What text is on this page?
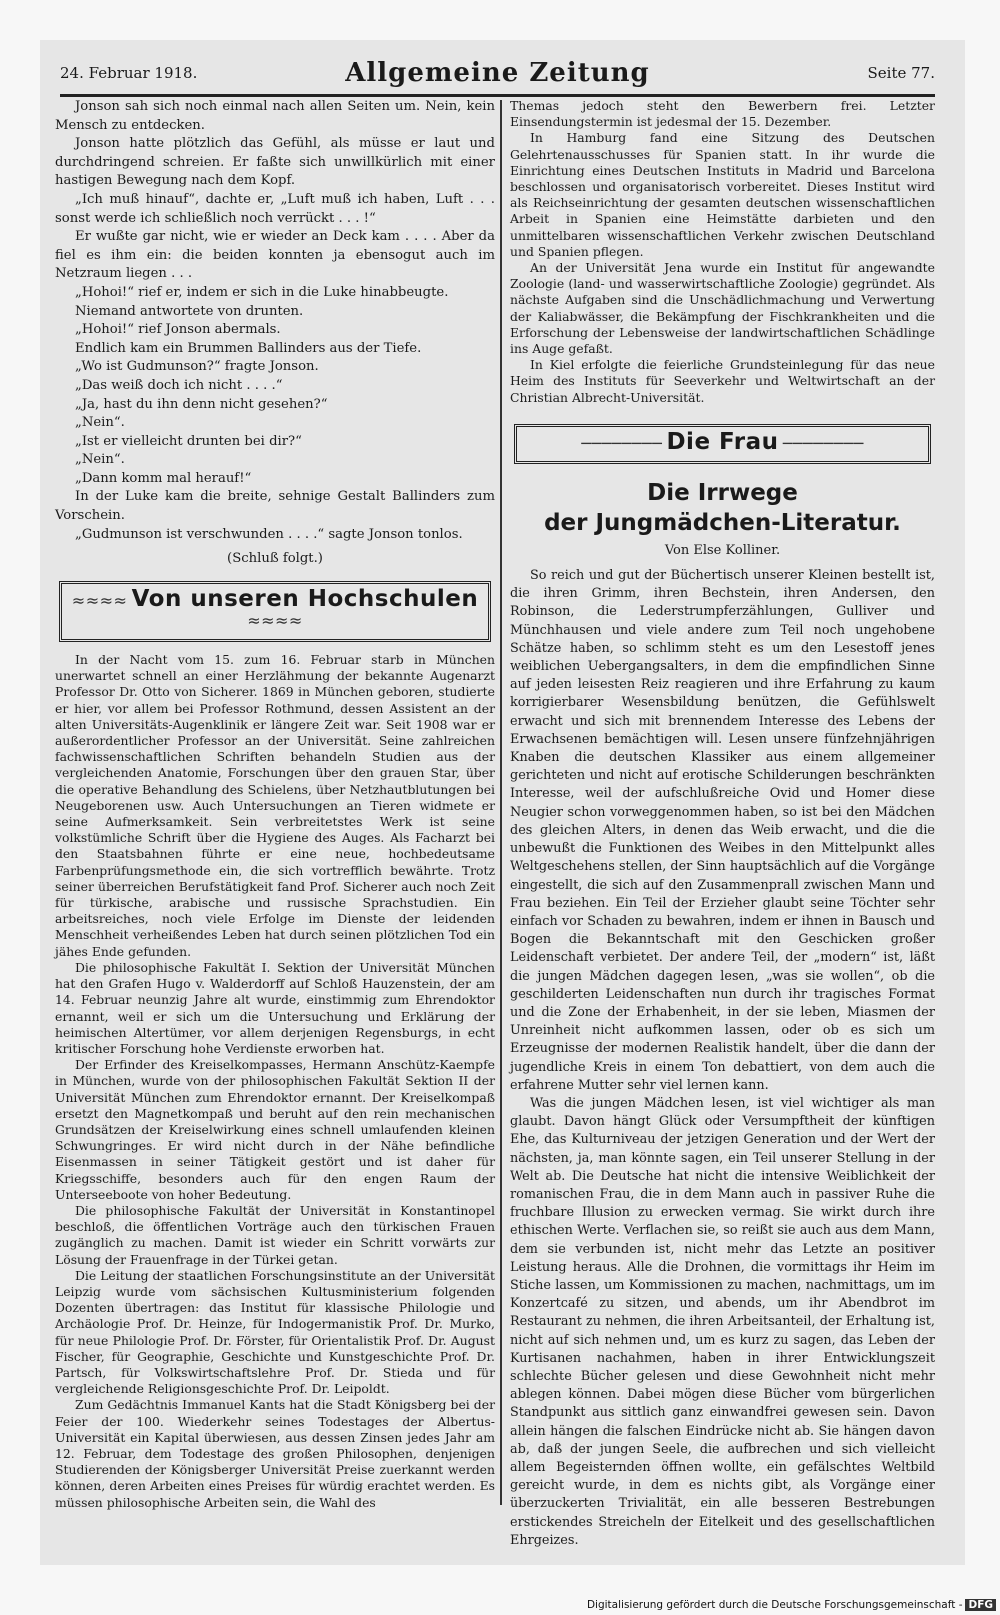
24. Februar 1918.	Allgemeine Zeitung	Seite 77.

Jonson sah sich noch einmal nach allen Seiten um. Nein, kein Mensch zu entdecken.

Jonson hatte plötzlich das Gefühl, als müsse er laut und durchdringend schreien. Er faßte sich unwillkürlich mit einer hastigen Bewegung nach dem Kopf.

„Ich muß hinauf“, dachte er, „Luft muß ich haben, Luft . . . sonst werde ich schließlich noch verrückt . . . !“

Er wußte gar nicht, wie er wieder an Deck kam . . . . Aber da fiel es ihm ein: die beiden konnten ja ebensogut auch im Netzraum liegen . . .

„Hohoi!“ rief er, indem er sich in die Luke hinabbeugte.

Niemand antwortete von drunten.

„Hohoi!“ rief Jonson abermals.

Endlich kam ein Brummen Ballinders aus der Tiefe.

„Wo ist Gudmunson?“ fragte Jonson.

„Das weiß doch ich nicht . . . .“

„Ja, hast du ihn denn nicht gesehen?“

„Nein“.

„Ist er vielleicht drunten bei dir?“

„Nein“.

„Dann komm mal herauf!“

In der Luke kam die breite, sehnige Gestalt Ballinders zum Vorschein.

„Gudmunson ist verschwunden . . . .“ sagte Jonson tonlos.

(Schluß folgt.)

≈≈≈≈ Von unseren Hochschulen ≈≈≈≈

In der Nacht vom 15. zum 16. Februar starb in München unerwartet schnell an einer Herzlähmung der bekannte Augenarzt Professor Dr. Otto von Sicherer. 1869 in München geboren, studierte er hier, vor allem bei Professor Rothmund, dessen Assistent an der alten Universitäts-Augenklinik er längere Zeit war. Seit 1908 war er außerordentlicher Professor an der Universität. Seine zahlreichen fachwissenschaftlichen Schriften behandeln Studien aus der vergleichenden Anatomie, Forschungen über den grauen Star, über die operative Behandlung des Schielens, über Netzhautblutungen bei Neugeborenen usw. Auch Untersuchungen an Tieren widmete er seine Aufmerksamkeit. Sein verbreitetstes Werk ist seine volkstümliche Schrift über die Hygiene des Auges. Als Facharzt bei den Staatsbahnen führte er eine neue, hochbedeutsame Farbenprüfungsmethode ein, die sich vortrefflich bewährte. Trotz seiner überreichen Berufstätigkeit fand Prof. Sicherer auch noch Zeit für türkische, arabische und russische Sprachstudien. Ein arbeitsreiches, noch viele Erfolge im Dienste der leidenden Menschheit verheißendes Leben hat durch seinen plötzlichen Tod ein jähes Ende gefunden.

Die philosophische Fakultät I. Sektion der Universität München hat den Grafen Hugo v. Walderdorff auf Schloß Hauzenstein, der am 14. Februar neunzig Jahre alt wurde, einstimmig zum Ehrendoktor ernannt, weil er sich um die Untersuchung und Erklärung der heimischen Altertümer, vor allem derjenigen Regensburgs, in echt kritischer Forschung hohe Verdienste erworben hat.

Der Erfinder des Kreiselkompasses, Hermann Anschütz-Kaempfe in München, wurde von der philosophischen Fakultät Sektion II der Universität München zum Ehrendoktor ernannt. Der Kreiselkompaß ersetzt den Magnetkompaß und beruht auf den rein mechanischen Grundsätzen der Kreiselwirkung eines schnell umlaufenden kleinen Schwungringes. Er wird nicht durch in der Nähe befindliche Eisenmassen in seiner Tätigkeit gestört und ist daher für Kriegsschiffe, besonders auch für den engen Raum der Unterseeboote von hoher Bedeutung.

Die philosophische Fakultät der Universität in Konstantinopel beschloß, die öffentlichen Vorträge auch den türkischen Frauen zugänglich zu machen. Damit ist wieder ein Schritt vorwärts zur Lösung der Frauenfrage in der Türkei getan.

Die Leitung der staatlichen Forschungsinstitute an der Universität Leipzig wurde vom sächsischen Kultusministerium folgenden Dozenten übertragen: das Institut für klassische Philologie und Archäologie Prof. Dr. Heinze, für Indogermanistik Prof. Dr. Murko, für neue Philologie Prof. Dr. Förster, für Orientalistik Prof. Dr. August Fischer, für Geographie, Geschichte und Kunstgeschichte Prof. Dr. Partsch, für Volkswirtschaftslehre Prof. Dr. Stieda und für vergleichende Religionsgeschichte Prof. Dr. Leipoldt.

Zum Gedächtnis Immanuel Kants hat die Stadt Königsberg bei der Feier der 100. Wiederkehr seines Todestages der Albertus-Universität ein Kapital überwiesen, aus dessen Zinsen jedes Jahr am 12. Februar, dem Todestage des großen Philosophen, denjenigen Studierenden der Königsberger Universität Preise zuerkannt werden können, deren Arbeiten eines Preises für würdig erachtet werden. Es müssen philosophische Arbeiten sein, die Wahl des

Themas jedoch steht den Bewerbern frei. Letzter Einsendungstermin ist jedesmal der 15. Dezember.

In Hamburg fand eine Sitzung des Deutschen Gelehrtenausschusses für Spanien statt. In ihr wurde die Einrichtung eines Deutschen Instituts in Madrid und Barcelona beschlossen und organisatorisch vorbereitet. Dieses Institut wird als Reichseinrichtung der gesamten deutschen wissenschaftlichen Arbeit in Spanien eine Heimstätte darbieten und den unmittelbaren wissenschaftlichen Verkehr zwischen Deutschland und Spanien pflegen.

An der Universität Jena wurde ein Institut für angewandte Zoologie (land- und wasserwirtschaftliche Zoologie) gegründet. Als nächste Aufgaben sind die Unschädlichmachung und Verwertung der Kaliabwässer, die Bekämpfung der Fischkrankheiten und die Erforschung der Lebensweise der landwirtschaftlichen Schädlinge ins Auge gefaßt.

In Kiel erfolgte die feierliche Grundsteinlegung für das neue Heim des Instituts für Seeverkehr und Weltwirtschaft an der Christian Albrecht-Universität.

──────── Die Frau ────────
Die Irrwege
der Jungmädchen-Literatur.
Von Else Kolliner.

So reich und gut der Büchertisch unserer Kleinen bestellt ist, die ihren Grimm, ihren Bechstein, ihren Andersen, den Robinson, die Lederstrumpferzählungen, Gulliver und Münchhausen und viele andere zum Teil noch ungehobene Schätze haben, so schlimm steht es um den Lesestoff jenes weiblichen Uebergangsalters, in dem die empfindlichen Sinne auf jeden leisesten Reiz reagieren und ihre Erfahrung zu kaum korrigierbarer Wesensbildung benützen, die Gefühlswelt erwacht und sich mit brennendem Interesse des Lebens der Erwachsenen bemächtigen will. Lesen unsere fünfzehnjährigen Knaben die deutschen Klassiker aus einem allgemeiner gerichteten und nicht auf erotische Schilderungen beschränkten Interesse, weil der aufschlußreiche Ovid und Homer diese Neugier schon vorweggenommen haben, so ist bei den Mädchen des gleichen Alters, in denen das Weib erwacht, und die die unbewußt die Funktionen des Weibes in den Mittelpunkt alles Weltgeschehens stellen, der Sinn hauptsächlich auf die Vorgänge eingestellt, die sich auf den Zusammenprall zwischen Mann und Frau beziehen. Ein Teil der Erzieher glaubt seine Töchter sehr einfach vor Schaden zu bewahren, indem er ihnen in Bausch und Bogen die Bekanntschaft mit den Geschicken großer Leidenschaft verbietet. Der andere Teil, der „modern“ ist, läßt die jungen Mädchen dagegen lesen, „was sie wollen“, ob die geschilderten Leidenschaften nun durch ihr tragisches Format und die Zone der Erhabenheit, in der sie leben, Miasmen der Unreinheit nicht aufkommen lassen, oder ob es sich um Erzeugnisse der modernen Realistik handelt, über die dann der jugendliche Kreis in einem Ton debattiert, von dem auch die erfahrene Mutter sehr viel lernen kann.

Was die jungen Mädchen lesen, ist viel wichtiger als man glaubt. Davon hängt Glück oder Versumpftheit der künftigen Ehe, das Kulturniveau der jetzigen Generation und der Wert der nächsten, ja, man könnte sagen, ein Teil unserer Stellung in der Welt ab. Die Deutsche hat nicht die intensive Weiblichkeit der romanischen Frau, die in dem Mann auch in passiver Ruhe die fruchbare Illusion zu erwecken vermag. Sie wirkt durch ihre ethischen Werte. Verflachen sie, so reißt sie auch aus dem Mann, dem sie verbunden ist, nicht mehr das Letzte an positiver Leistung heraus. Alle die Drohnen, die vormittags ihr Heim im Stiche lassen, um Kommissionen zu machen, nachmittags, um im Konzertcafé zu sitzen, und abends, um ihr Abendbrot im Restaurant zu nehmen, die ihren Arbeitsanteil, der Erhaltung ist, nicht auf sich nehmen und, um es kurz zu sagen, das Leben der Kurtisanen nachahmen, haben in ihrer Entwicklungszeit schlechte Bücher gelesen und diese Gewohnheit nicht mehr ablegen können. Dabei mögen diese Bücher vom bürgerlichen Standpunkt aus sittlich ganz einwandfrei gewesen sein. Davon allein hängen die falschen Eindrücke nicht ab. Sie hängen davon ab, daß der jungen Seele, die aufbrechen und sich vielleicht allem Begeisternden öffnen wollte, ein gefälschtes Weltbild gereicht wurde, in dem es nichts gibt, als Vorgänge einer überzuckerten Trivialität, ein alle besseren Bestrebungen erstickendes Streicheln der Eitelkeit und des gesellschaftlichen Ehrgeizes.

Digitalisierung gefördert durch die Deutsche Forschungsgemeinschaft - DFG
